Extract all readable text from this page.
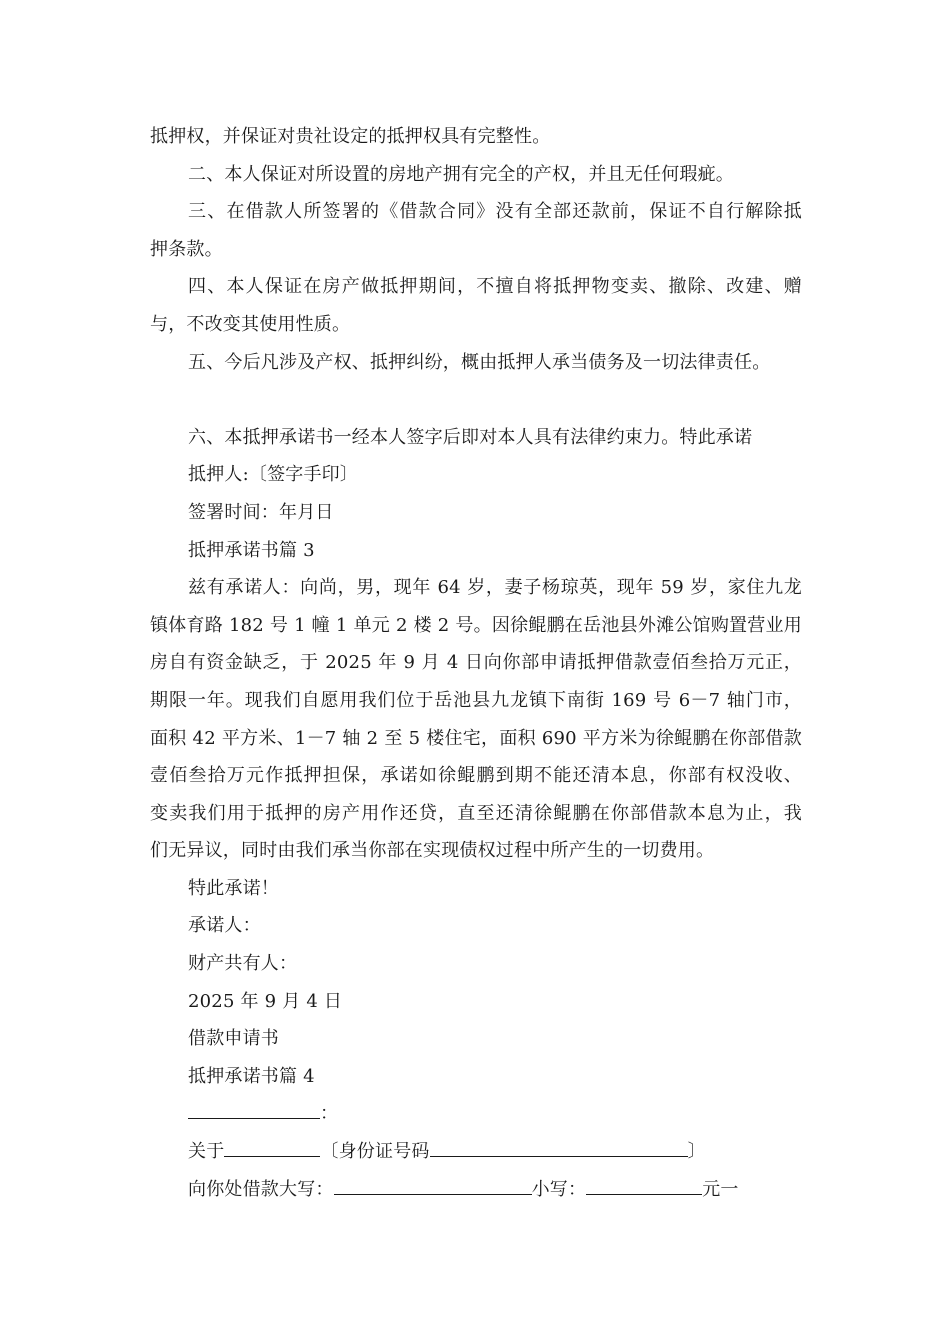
抵押权，并保证对贵社设定的抵押权具有完整性。
二、本人保证对所设置的房地产拥有完全的产权，并且无任何瑕疵。
三、在借款人所签署的《借款合同》没有全部还款前，保证不自行解除抵
押条款。
四、本人保证在房产做抵押期间，不擅自将抵押物变卖、撤除、改建、赠
与，不改变其使用性质。
五、今后凡涉及产权、抵押纠纷，概由抵押人承当债务及一切法律责任。
六、本抵押承诺书一经本人签字后即对本人具有法律约束力。特此承诺
抵押人:〔签字手印〕
签署时间：年月日
抵押承诺书篇 3
兹有承诺人：向尚，男，现年 64 岁，妻子杨琼英，现年 59 岁，家住九龙
镇体育路 182 号 1 幢 1 单元 2 楼 2 号。因徐鲲鹏在岳池县外滩公馆购置营业用
房自有资金缺乏，于 2025 年 9 月 4 日向你部申请抵押借款壹佰叁拾万元正，
期限一年。现我们自愿用我们位于岳池县九龙镇下南街 169 号 6－7 轴门市，
面积 42 平方米、1－7 轴 2 至 5 楼住宅，面积 690 平方米为徐鲲鹏在你部借款
壹佰叁拾万元作抵押担保，承诺如徐鲲鹏到期不能还清本息，你部有权没收、
变卖我们用于抵押的房产用作还贷，直至还清徐鲲鹏在你部借款本息为止，我
们无异议，同时由我们承当你部在实现债权过程中所产生的一切费用。
特此承诺！
承诺人：
财产共有人：
2025 年 9 月 4 日
借款申请书
抵押承诺书篇 4
：
关于	〔身份证号码	〕
向你处借款大写：	小写：	元一
